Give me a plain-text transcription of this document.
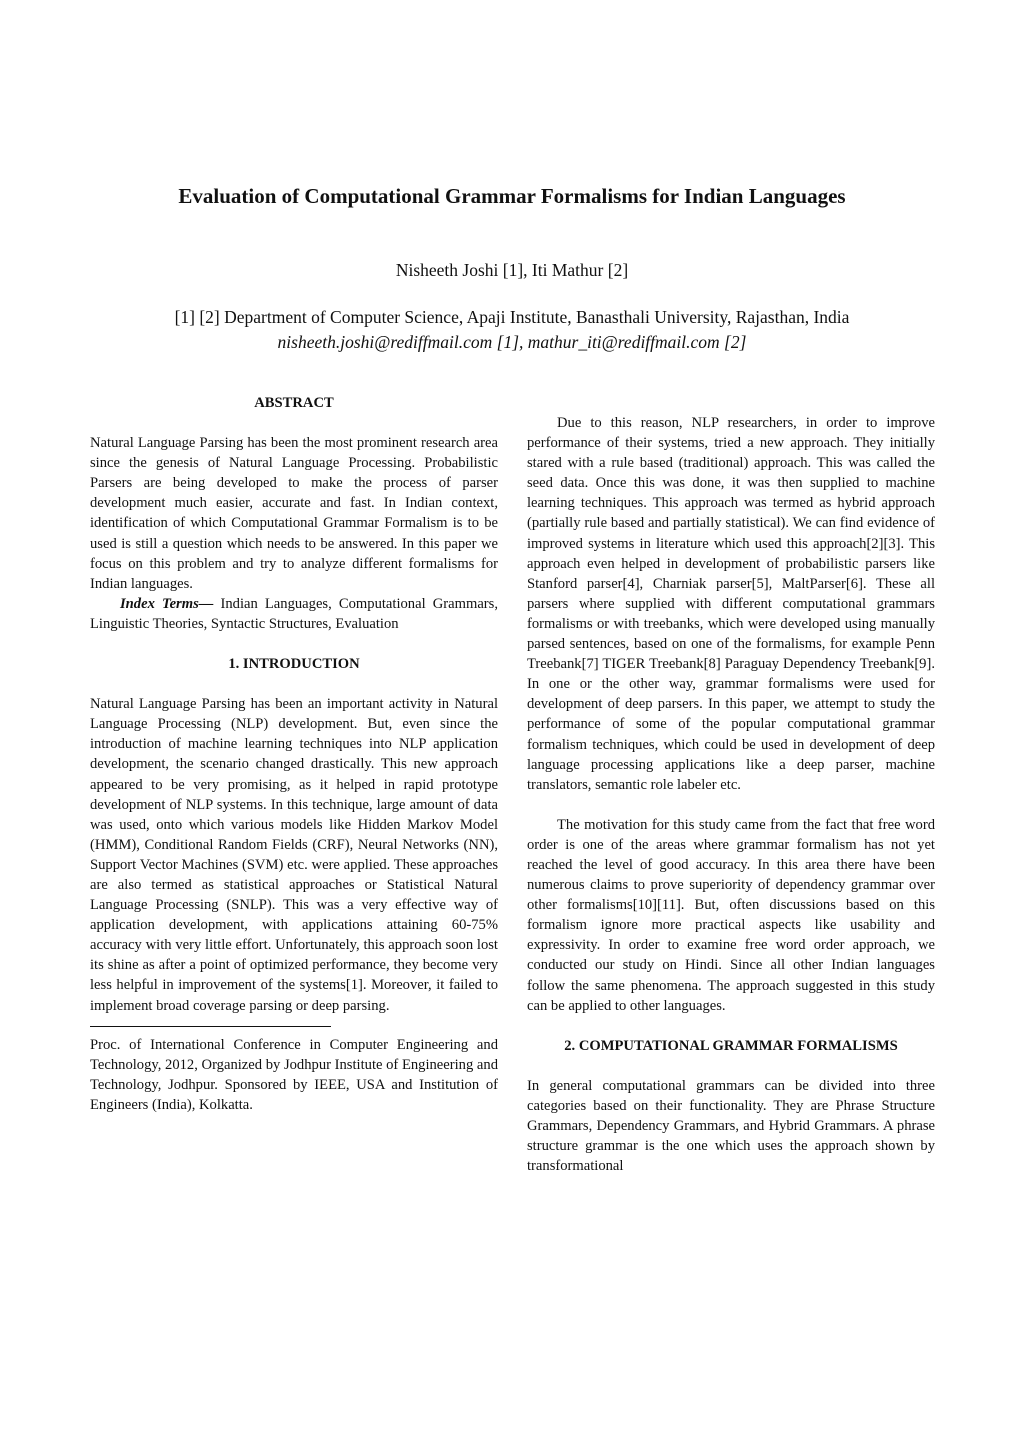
Evaluation of Computational Grammar Formalisms for Indian Languages
Nisheeth Joshi [1], Iti Mathur [2]
[1] [2] Department of Computer Science, Apaji Institute, Banasthali University, Rajasthan, India
nisheeth.joshi@rediffmail.com [1], mathur_iti@rediffmail.com [2]

ABSTRACT

Natural Language Parsing has been the most prominent research area since the genesis of Natural Language Processing. Probabilistic Parsers are being developed to make the process of parser development much easier, accurate and fast. In Indian context, identification of which Computational Grammar Formalism is to be used is still a question which needs to be answered. In this paper we focus on this problem and try to analyze different formalisms for Indian languages.

Index Terms— Indian Languages, Computational Grammars, Linguistic Theories, Syntactic Structures, Evaluation

1. INTRODUCTION

Natural Language Parsing has been an important activity in Natural Language Processing (NLP) development. But, even since the introduction of machine learning techniques into NLP application development, the scenario changed drastically. This new approach appeared to be very promising, as it helped in rapid prototype development of NLP systems. In this technique, large amount of data was used, onto which various models like Hidden Markov Model (HMM), Conditional Random Fields (CRF), Neural Networks (NN), Support Vector Machines (SVM) etc. were applied. These approaches are also termed as statistical approaches or Statistical Natural Language Processing (SNLP). This was a very effective way of application development, with applications attaining 60-75% accuracy with very little effort. Unfortunately, this approach soon lost its shine as after a point of optimized performance, they become very less helpful in improvement of the systems[1]. Moreover, it failed to implement broad coverage parsing or deep parsing.

Proc. of International Conference in Computer Engineering and Technology, 2012, Organized by Jodhpur Institute of Engineering and Technology, Jodhpur. Sponsored by IEEE, USA and Institution of Engineers (India), Kolkatta.

Due to this reason, NLP researchers, in order to improve performance of their systems, tried a new approach. They initially stared with a rule based (traditional) approach. This was called the seed data. Once this was done, it was then supplied to machine learning techniques. This approach was termed as hybrid approach (partially rule based and partially statistical). We can find evidence of improved systems in literature which used this approach[2][3]. This approach even helped in development of probabilistic parsers like Stanford parser[4], Charniak parser[5], MaltParser[6]. These all parsers where supplied with different computational grammars formalisms or with treebanks, which were developed using manually parsed sentences, based on one of the formalisms, for example Penn Treebank[7] TIGER Treebank[8] Paraguay Dependency Treebank[9]. In one or the other way, grammar formalisms were used for development of deep parsers. In this paper, we attempt to study the performance of some of the popular computational grammar formalism techniques, which could be used in development of deep language processing applications like a deep parser, machine translators, semantic role labeler etc.

The motivation for this study came from the fact that free word order is one of the areas where grammar formalism has not yet reached the level of good accuracy. In this area there have been numerous claims to prove superiority of dependency grammar over other formalisms[10][11]. But, often discussions based on this formalism ignore more practical aspects like usability and expressivity. In order to examine free word order approach, we conducted our study on Hindi. Since all other Indian languages follow the same phenomena. The approach suggested in this study can be applied to other languages.

2. COMPUTATIONAL GRAMMAR FORMALISMS

In general computational grammars can be divided into three categories based on their functionality. They are Phrase Structure Grammars, Dependency Grammars, and Hybrid Grammars. A phrase structure grammar is the one which uses the approach shown by transformational
